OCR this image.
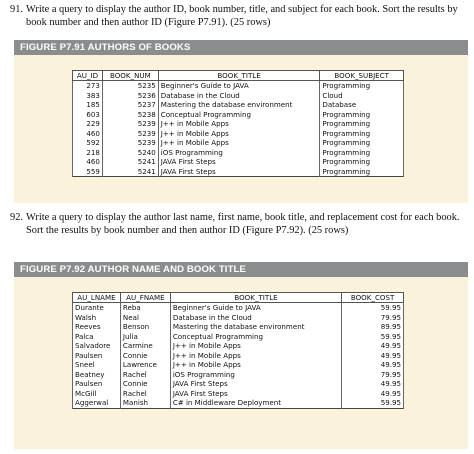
91. Write a query to display the author ID, book number, title, and subject for each book. Sort the results by book number and then author ID (Figure P7.91). (25 rows)
FIGURE P7.91 AUTHORS OF BOOKS
AU_ID	BOOK_NUM	BOOK_TITLE	BOOK_SUBJECT
273	5235	Beginner's Guide to JAVA	Programming
383	5236	Database in the Cloud	Cloud
185	5237	Mastering the database environment	Database
603	5238	Conceptual Programming	Programming
229	5239	J++ in Mobile Apps	Programming
460	5239	J++ in Mobile Apps	Programming
592	5239	J++ in Mobile Apps	Programming
218	5240	iOS Programming	Programming
460	5241	JAVA First Steps	Programming
559	5241	JAVA First Steps	Programming
92. Write a query to display the author last name, first name, book title, and replacement cost for each book. Sort the results by book number and then author ID (Figure P7.92). (25 rows)
FIGURE P7.92 AUTHOR NAME AND BOOK TITLE
AU_LNAME	AU_FNAME	BOOK_TITLE	BOOK_COST
Durante	Reba	Beginner's Guide to JAVA	59.95
Walsh	Neal	Database in the Cloud	79.95
Reeves	Benson	Mastering the database environment	89.95
Palca	Julia	Conceptual Programming	59.95
Salvadore	Carmine	J++ in Mobile Apps	49.95
Paulsen	Connie	J++ in Mobile Apps	49.95
Sneel	Lawrence	J++ in Mobile Apps	49.95
Beatney	Rachel	iOS Programming	79.95
Paulsen	Connie	JAVA First Steps	49.95
McGill	Rachel	JAVA First Steps	49.95
Aggerwal	Manish	C# in Middleware Deployment	59.95
